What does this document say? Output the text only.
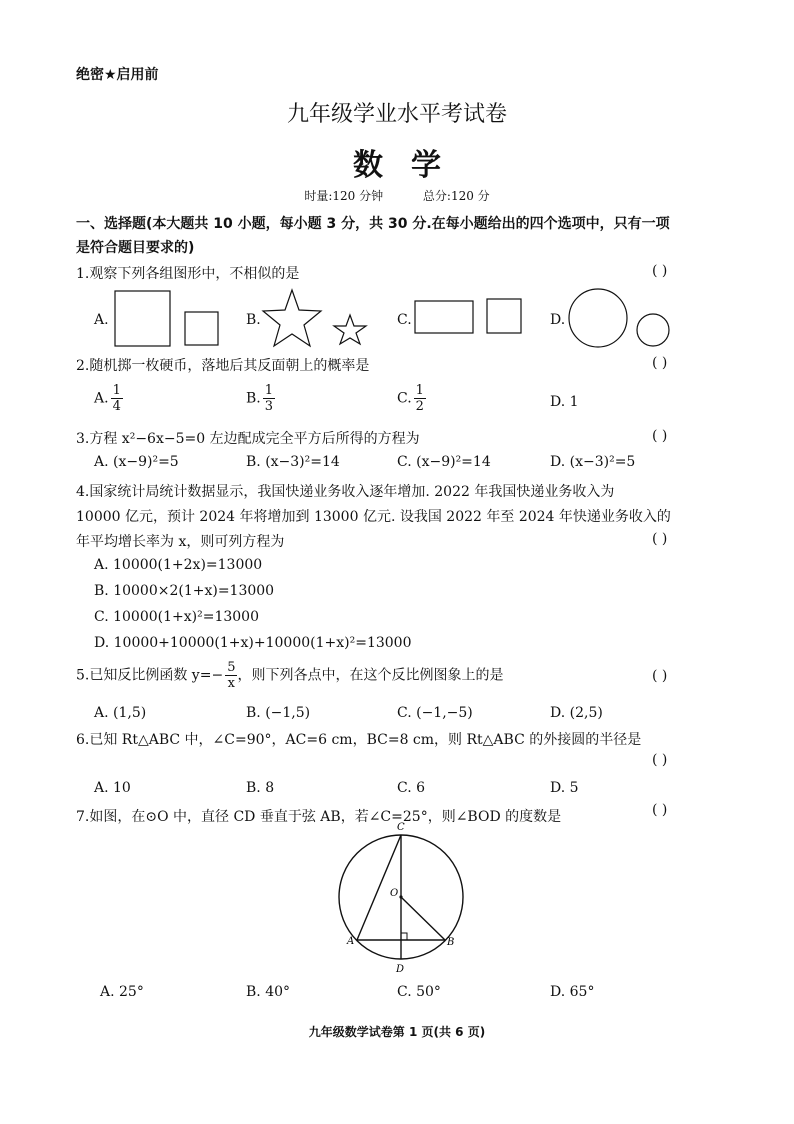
绝密★启用前
九年级学业水平考试卷
数学
时量:120 分钟	总分:120 分
一、选择题(本大题共 10 小题，每小题 3 分，共 30 分.在每小题给出的四个选项中，只有一项
是符合题目要求的)
1.观察下列各组图形中，不相似的是	( )
A.	B.	C.	D.
2.随机掷一枚硬币，落地后其反面朝上的概率是	( )
A. $\frac{1}{4}$	B. $\frac{1}{3}$	C. $\frac{1}{2}$	D. 1
3.方程 x²−6x−5=0 左边配成完全平方后所得的方程为	( )
A. (x−9)²=5	B. (x−3)²=14	C. (x−9)²=14	D. (x−3)²=5
4.国家统计局统计数据显示，我国快递业务收入逐年增加. 2022 年我国快递业务收入为
10000 亿元，预计 2024 年将增加到 13000 亿元. 设我国 2022 年至 2024 年快递业务收入的
年平均增长率为 x，则可列方程为	( )
A. 10000(1+2x)=13000
B. 10000×2(1+x)=13000
C. 10000(1+x)²=13000
D. 10000+10000(1+x)+10000(1+x)²=13000
5.已知反比例函数 $y=- \frac{5}{x}$ ，则下列各点中，在这个反比例图象上的是	( )
A. (1,5)	B. (−1,5)	C. (−1,−5)	D. (2,5)
6.已知 Rt△ABC 中，∠C=90°，AC=6 cm，BC=8 cm，则 Rt△ABC 的外接圆的半径是
( )
A. 10	B. 8	C. 6	D. 5
7.如图，在⊙O 中，直径 CD 垂直于弦 AB，若∠C=25°，则∠BOD 的度数是	( )
C
O
A	B
D
A. 25°	B. 40°	C. 50°	D. 65°
九年级数学试卷第 1 页(共 6 页)
